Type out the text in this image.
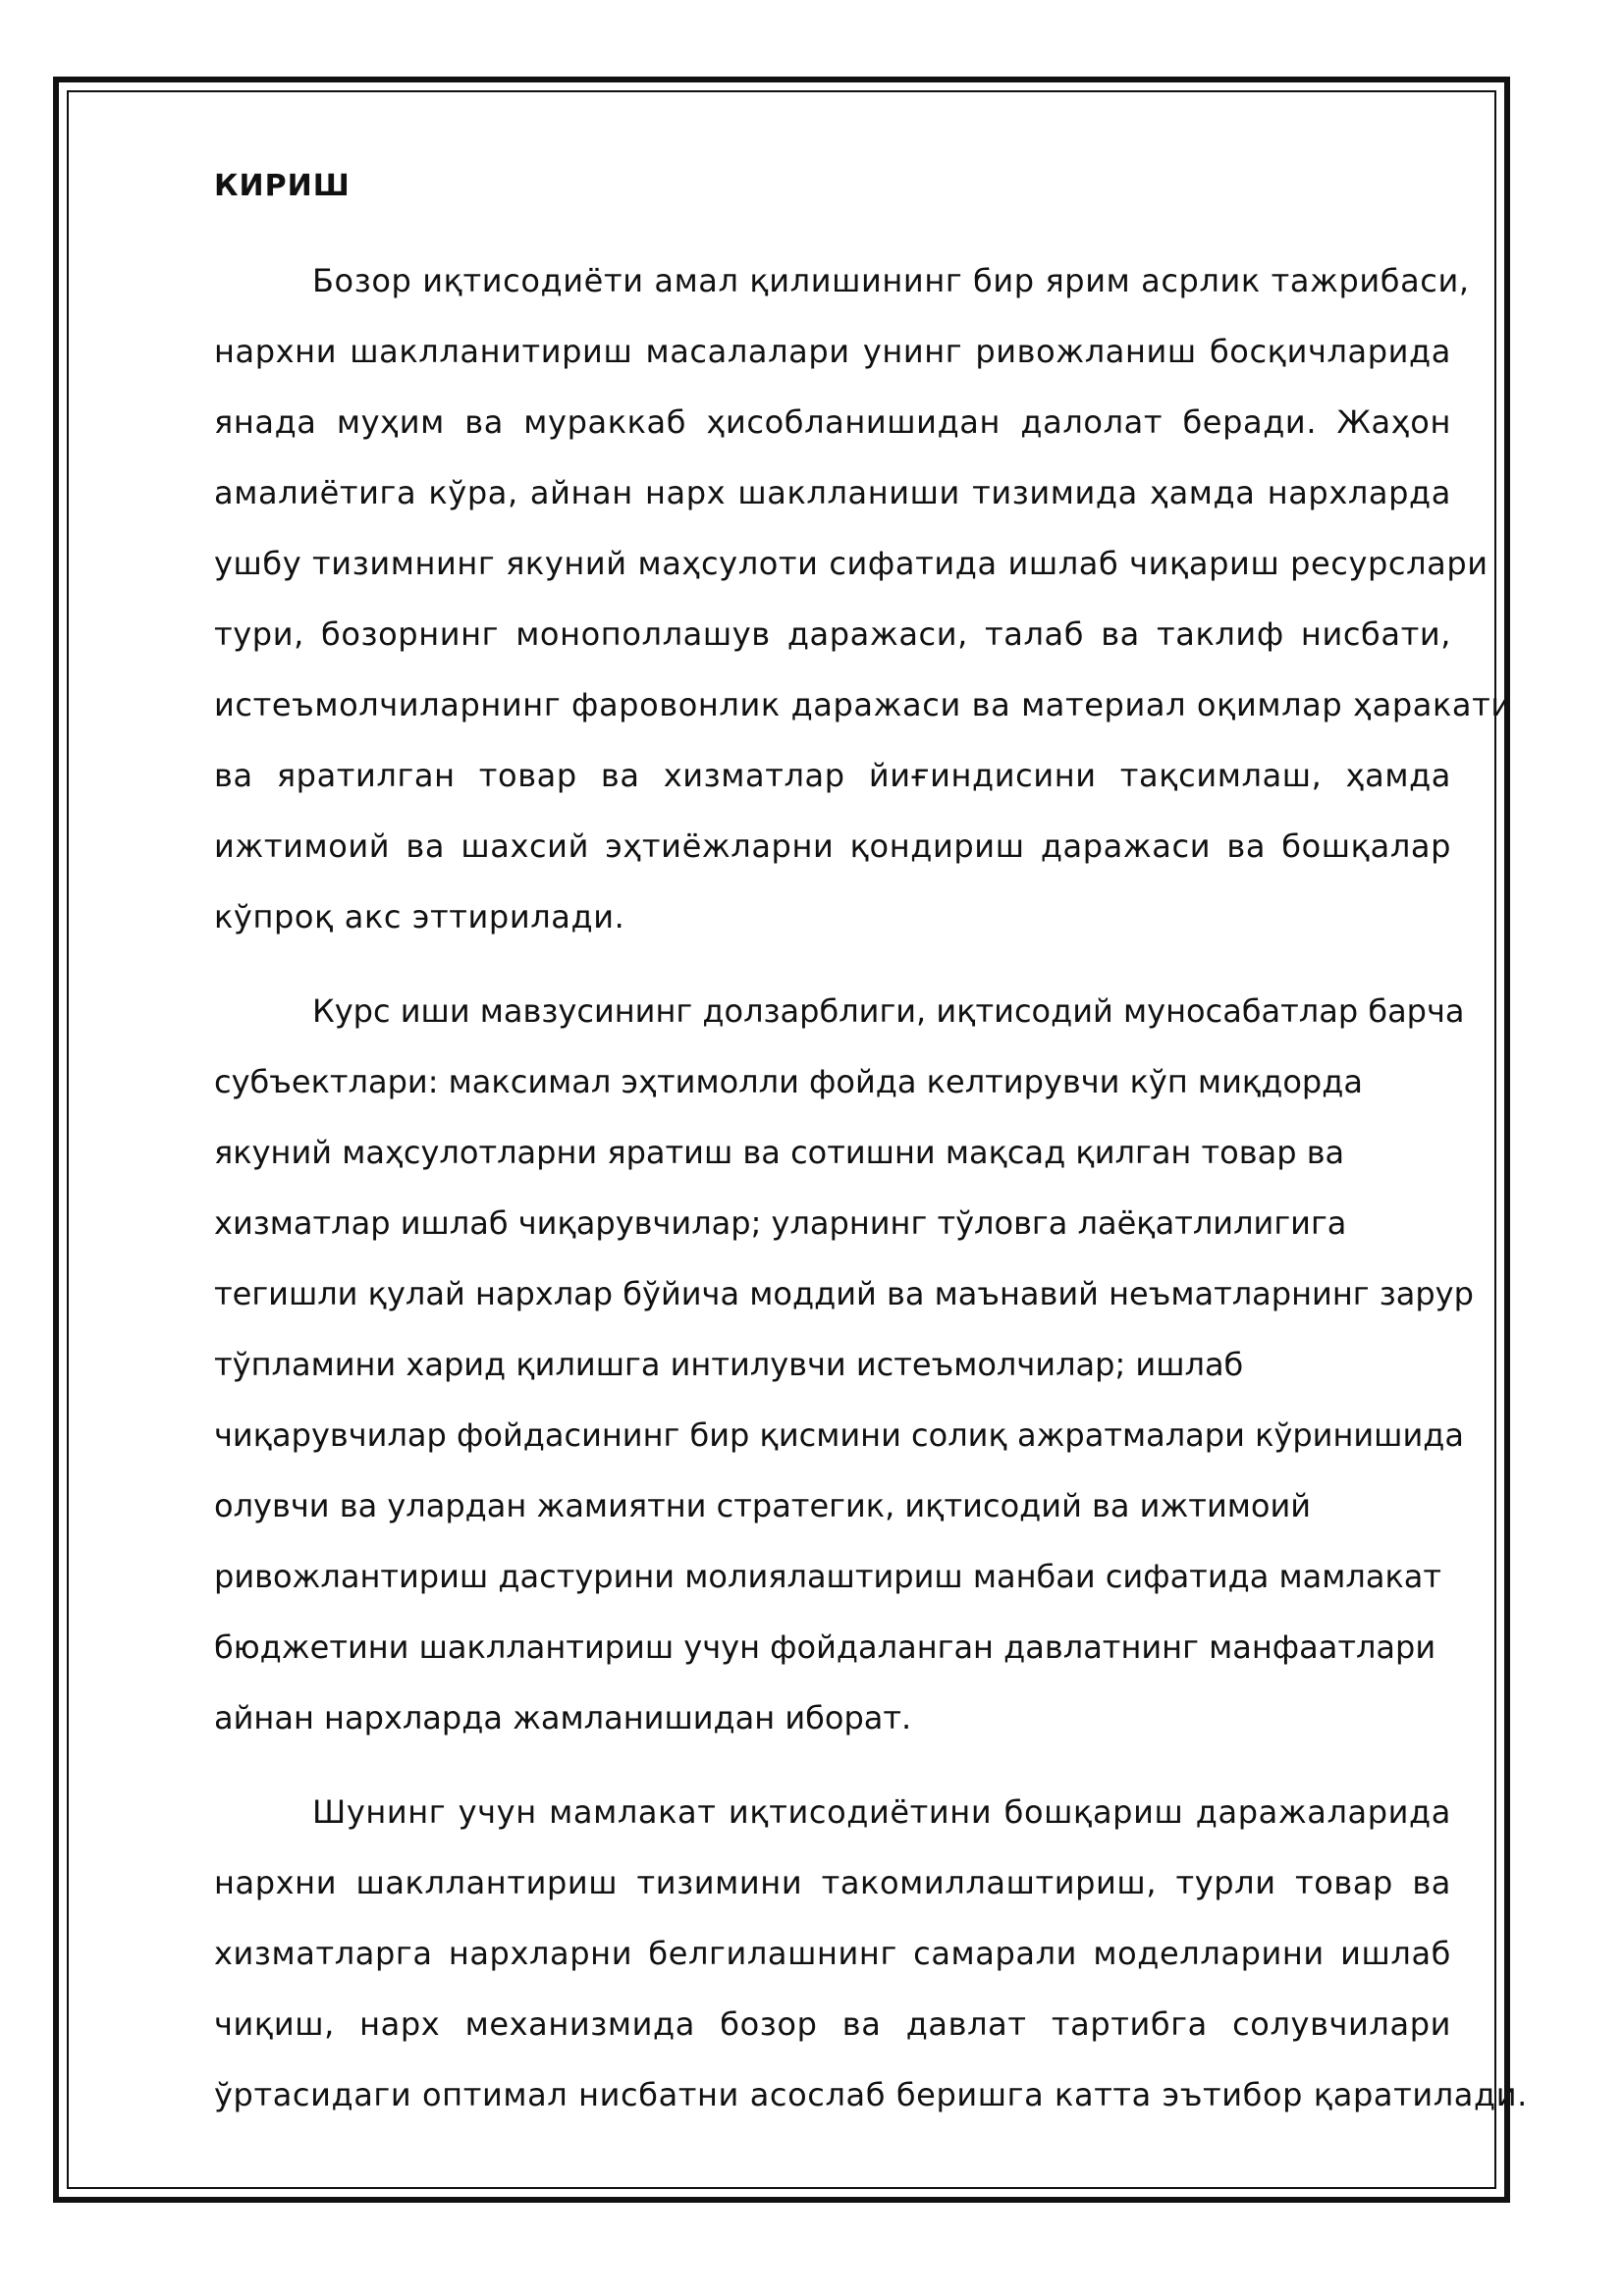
КИРИШ
Бозор иқтисодиёти амал қилишининг бир ярим асрлик тажрибаси,
нархни шаклланитириш масалалари унинг ривожланиш босқичларида
янада муҳим ва мураккаб ҳисобланишидан далолат беради. Жаҳон
амалиётига кўра, айнан нарх шаклланиши тизимида ҳамда нархларда
ушбу тизимнинг якуний маҳсулоти сифатида ишлаб чиқариш ресурслари
тури, бозорнинг монополлашув даражаси, талаб ва таклиф нисбати,
истеъмолчиларнинг фаровонлик даражаси ва материал оқимлар ҳаракати
ва яратилган товар ва хизматлар йиғиндисини тақсимлаш, ҳамда
ижтимоий ва шахсий эҳтиёжларни қондириш даражаси ва бошқалар
кўпроқ акс эттирилади.
Курс иши мавзусининг долзарблиги, иқтисодий муносабатлар барча
субъектлари: максимал эҳтимолли фойда келтирувчи кўп миқдорда
якуний маҳсулотларни яратиш ва сотишни мақсад қилган товар ва
хизматлар ишлаб чиқарувчилар; уларнинг тўловга лаёқатлилигига
тегишли қулай нархлар бўйича моддий ва маънавий неъматларнинг зарур
тўпламини харид қилишга интилувчи истеъмолчилар; ишлаб
чиқарувчилар фойдасининг бир қисмини солиқ ажратмалари кўринишида
олувчи ва улардан жамиятни стратегик, иқтисодий ва ижтимоий
ривожлантириш дастурини молиялаштириш манбаи сифатида мамлакат
бюджетини шакллантириш учун фойдаланган давлатнинг манфаатлари
айнан нархларда жамланишидан иборат.
Шунинг учун мамлакат иқтисодиётини бошқариш даражаларида
нархни шакллантириш тизимини такомиллаштириш, турли товар ва
хизматларга нархларни белгилашнинг самарали моделларини ишлаб
чиқиш, нарх механизмида бозор ва давлат тартибга солувчилари
ўртасидаги оптимал нисбатни асослаб беришга катта эътибор қаратилади.
